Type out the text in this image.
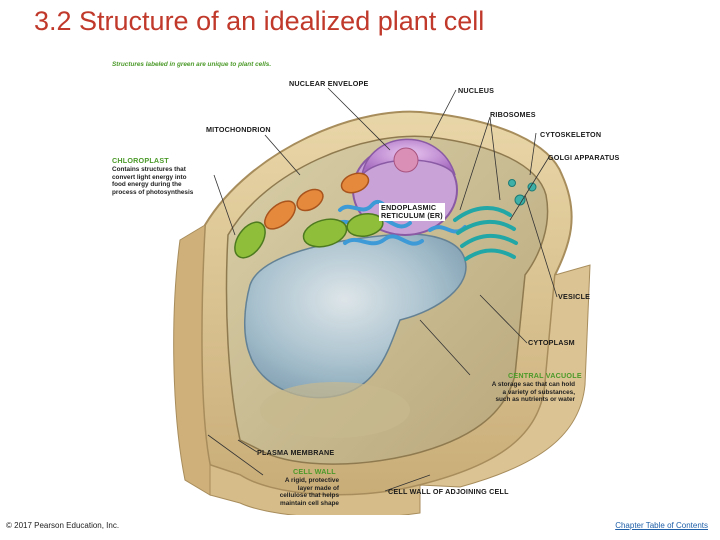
3.2 Structure of an idealized plant cell
Structures labeled in green are unique to plant cells.
NUCLEAR ENVELOPE
NUCLEUS
RIBOSOMES
MITOCHONDRION
CYTOSKELETON
GOLGI APPARATUS
CHLOROPLAST
Contains structures that
convert light energy into
food energy during the
process of photosynthesis
ENDOPLASMIC
RETICULUM (ER)
VESICLE
CYTOPLASM
CENTRAL VACUOLE
A storage sac that can hold
a variety of substances,
such as nutrients or water
PLASMA MEMBRANE
CELL WALL
A rigid, protective
layer made of
cellulose that helps
maintain cell shape
CELL WALL OF ADJOINING CELL
© 2017 Pearson Education, Inc.	Chapter Table of Contents
